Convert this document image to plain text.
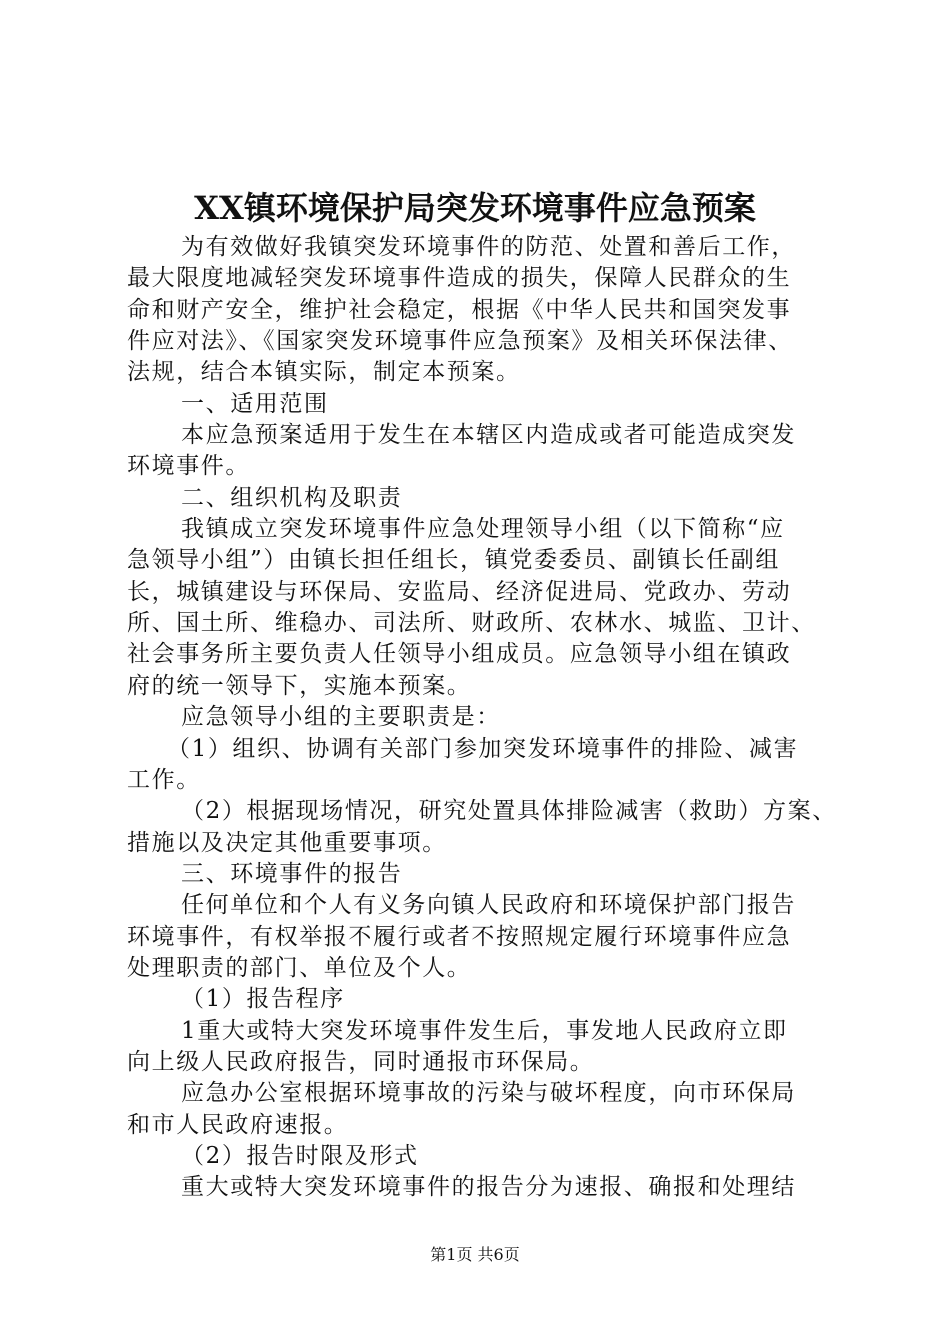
XX镇环境保护局突发环境事件应急预案
为有效做好我镇突发环境事件的防范、处置和善后工作，
最大限度地减轻突发环境事件造成的损失，保障人民群众的生
命和财产安全，维护社会稳定，根据《中华人民共和国突发事
件应对法》、《国家突发环境事件应急预案》及相关环保法律、
法规，结合本镇实际，制定本预案。
一、适用范围
本应急预案适用于发生在本辖区内造成或者可能造成突发
环境事件。
二、组织机构及职责
我镇成立突发环境事件应急处理领导小组（以下简称“应
急领导小组”）由镇长担任组长，镇党委委员、副镇长任副组
长，城镇建设与环保局、安监局、经济促进局、党政办、劳动
所、国土所、维稳办、司法所、财政所、农林水、城监、卫计、
社会事务所主要负责人任领导小组成员。应急领导小组在镇政
府的统一领导下，实施本预案。
应急领导小组的主要职责是：
（1）组织、协调有关部门参加突发环境事件的排险、减害
工作。
（2）根据现场情况，研究处置具体排险减害（救助）方案、
措施以及决定其他重要事项。
三、环境事件的报告
任何单位和个人有义务向镇人民政府和环境保护部门报告
环境事件，有权举报不履行或者不按照规定履行环境事件应急
处理职责的部门、单位及个人。
（1）报告程序
1重大或特大突发环境事件发生后，事发地人民政府立即
向上级人民政府报告，同时通报市环保局。
应急办公室根据环境事故的污染与破坏程度，向市环保局
和市人民政府速报。
（2）报告时限及形式
重大或特大突发环境事件的报告分为速报、确报和处理结

第1页 共6页
